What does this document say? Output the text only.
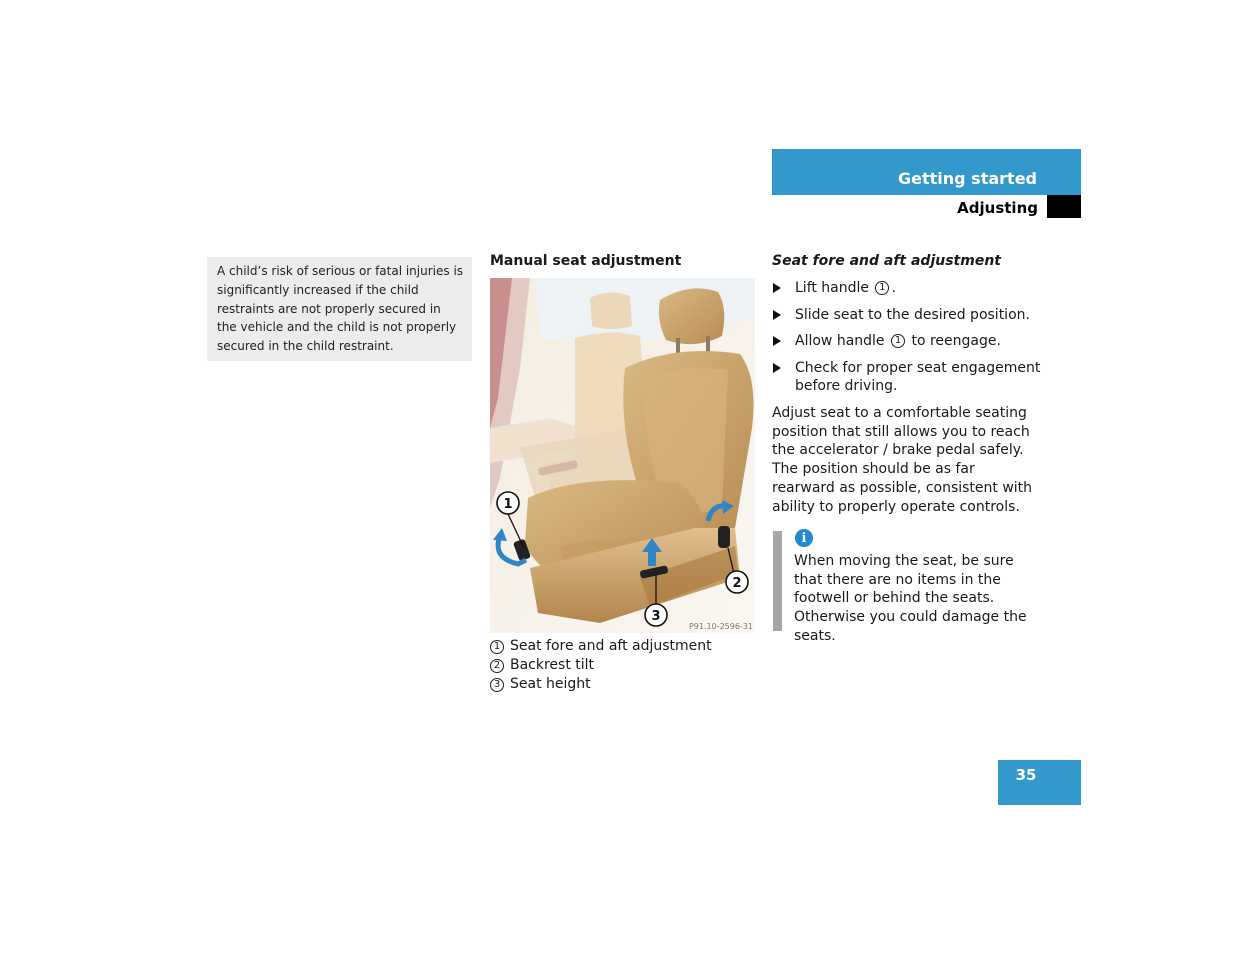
Getting started
Adjusting
A child’s risk of serious or fatal injuries is significantly increased if the child restraints are not properly secured in the vehicle and the child is not properly secured in the child restraint.
Manual seat adjustment
1
2
3
P91.10-2596-31
1 Seat fore and aft adjustment
2 Backrest tilt
3 Seat height
Seat fore and aft adjustment
Lift handle 1 .
Slide seat to the desired position.
Allow handle 1 to reengage.
Check for proper seat engagement before driving.
Adjust seat to a comfortable seating position that still allows you to reach the accelerator / brake pedal safely. The position should be as far rearward as possible, consistent with ability to properly operate controls.
i
When moving the seat, be sure that there are no items in the footwell or behind the seats. Otherwise you could damage the seats.
35
